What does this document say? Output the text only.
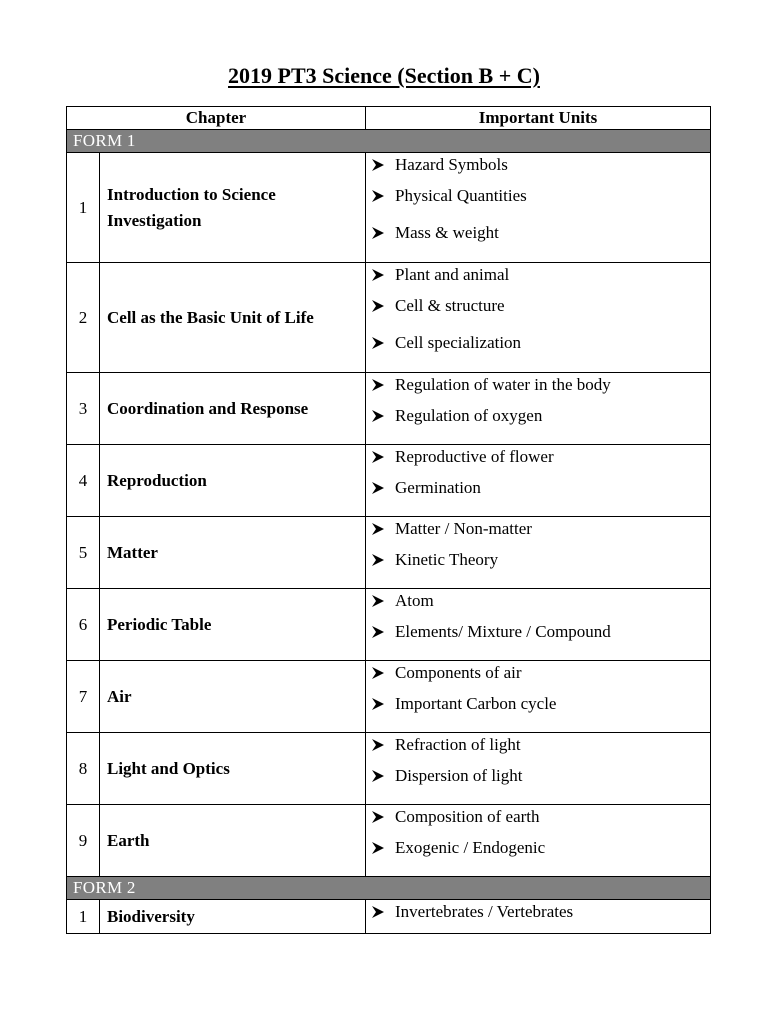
2019 PT3 Science (Section B + C)
Chapter		Important Units
FORM 1		
1	Introduction to Science Investigation	Hazard Symbols
Physical Quantities
Mass & weight

2	Cell as the Basic Unit of Life	Plant and animal
Cell & structure
Cell specialization

3	Coordination and Response	Regulation of water in the body
Regulation of oxygen

4	Reproduction	Reproductive of flower
Germination

5	Matter	Matter / Non-matter
Kinetic Theory

6	Periodic Table	Atom
Elements/ Mixture / Compound

7	Air	Components of air
Important Carbon cycle

8	Light and Optics	Refraction of light
Dispersion of light

9	Earth	Composition of earth
Exogenic / Endogenic

FORM 2		
1	Biodiversity	Invertebrates / Vertebrates
